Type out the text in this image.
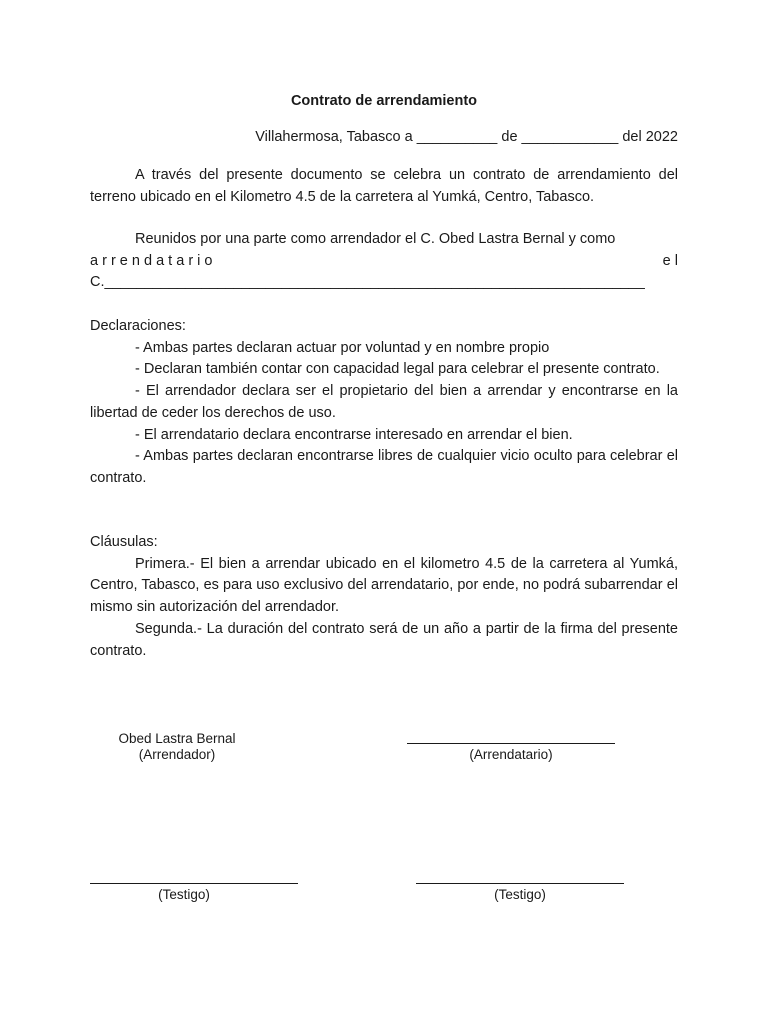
Contrato de arrendamiento
Villahermosa, Tabasco a __________ de ____________ del 2022
A través del presente documento se celebra un contrato de arrendamiento del terreno ubicado en el Kilometro 4.5 de la carretera al Yumká, Centro, Tabasco.
Reunidos por una parte como arrendador el C. Obed Lastra Bernal y como
a r r e n d a t a r i o	e l
C.___________________________________________________________________
Declaraciones:
- Ambas partes declaran actuar por voluntad y en nombre propio
- Declaran también contar con capacidad legal para celebrar el presente contrato.
- El arrendador declara ser el propietario del bien a arrendar y encontrarse en la libertad de ceder los derechos de uso.
- El arrendatario declara encontrarse interesado en arrendar el bien.
- Ambas partes declaran encontrarse libres de cualquier vicio oculto para celebrar el contrato.
Cláusulas:
Primera.- El bien a arrendar ubicado en el kilometro 4.5 de la carretera al Yumká, Centro, Tabasco, es para uso exclusivo del arrendatario, por ende, no podrá subarrendar el mismo sin autorización del arrendador.
Segunda.- La duración del contrato será de un año a partir de la firma del presente contrato.
Obed Lastra Bernal
(Arrendador)	(Arrendatario)
(Testigo)	(Testigo)
